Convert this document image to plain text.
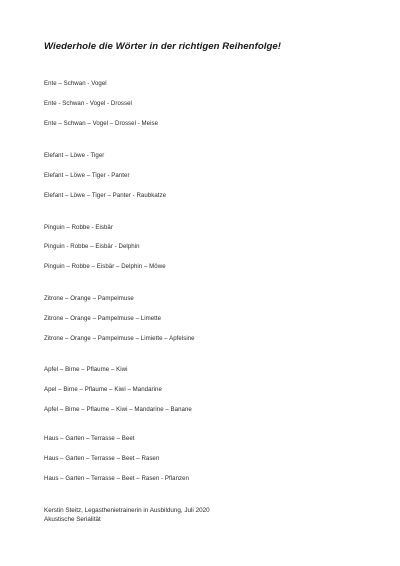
Wiederhole die Wörter in der richtigen Reihenfolge!
Ente – Schwan - Vogel
Ente - Schwan - Vogel - Drossel
Ente – Schwan – Vogel – Drossel - Meise
Elefant – Löwe - Tiger
Elefant – Löwe – Tiger - Panter
Elefant – Löwe – Tiger – Panter - Raubkatze
Pinguin – Robbe - Eisbär
Pinguin - Robbe – Eisbär - Delphin
Pinguin – Robbe – Eisbär – Delphin – Möwe
Zitrone – Orange – Pampelmuse
Zitrone – Orange – Pampelmuse – Limette
Zitrone – Orange – Pampelmuse – Limiette – Apfelsine
Apfel – Birne – Pflaume – Kiwi
Apel – Birne – Pflaume – Kiwi – Mandarine
Apfel – Birne – Pflaume – Kiwi – Mandarine – Banane
Haus – Garten – Terrasse – Beet
Haus – Garten – Terrasse – Beet – Rasen
Haus – Garten – Terrasse – Beet – Rasen - Pflanzen
Kerstin Steitz, Legasthenietrainerin in Ausbildung, Juli 2020
Akustische Serialität
